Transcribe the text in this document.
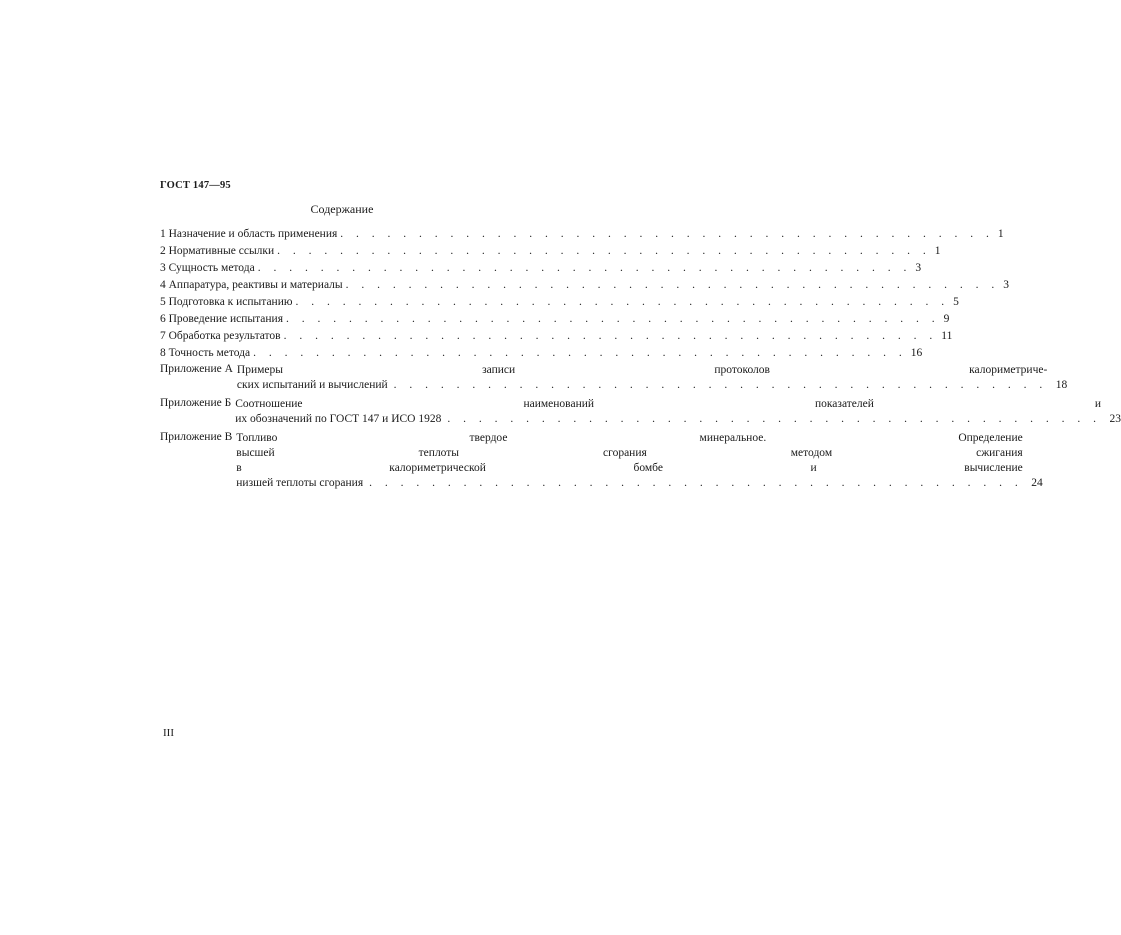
ГОСТ 147—95
Содержание
1 Назначение и область применения . . . . . . . . . . . . . . . . . . . . . . . . . . . . . . . . . . . . . . . . . . 1
2 Нормативные ссылки . . . . . . . . . . . . . . . . . . . . . . . . . . . . . . . . . . . . . . . . . . 1
3 Сущность метода . . . . . . . . . . . . . . . . . . . . . . . . . . . . . . . . . . . . . . . . . . 3
4 Аппаратура, реактивы и материалы . . . . . . . . . . . . . . . . . . . . . . . . . . . . . . . . . . . . . . . . . . 3
5 Подготовка к испытанию . . . . . . . . . . . . . . . . . . . . . . . . . . . . . . . . . . . . . . . . . . 5
6 Проведение испытания . . . . . . . . . . . . . . . . . . . . . . . . . . . . . . . . . . . . . . . . . . 9
7 Обработка результатов . . . . . . . . . . . . . . . . . . . . . . . . . . . . . . . . . . . . . . . . . . 11
8 Точность метода . . . . . . . . . . . . . . . . . . . . . . . . . . . . . . . . . . . . . . . . . . 16
Приложение А Примеры записи протоколов калориметриче-
ских испытаний и вычислений . . . . . . . . . . . . . . . . . . . . . . . . . . . . . . . . . . . . . . . . . . 18
Приложение Б Соотношение наименований показателей и
их обозначений по ГОСТ 147 и ИСО 1928 . . . . . . . . . . . . . . . . . . . . . . . . . . . . . . . . . . . . . . . . . . 23
Приложение В Топливо твердое минеральное. Определение
высшей теплоты сгорания методом сжигания
в калориметрической бомбе и вычисление
низшей теплоты сгорания . . . . . . . . . . . . . . . . . . . . . . . . . . . . . . . . . . . . . . . . . . 24
III
